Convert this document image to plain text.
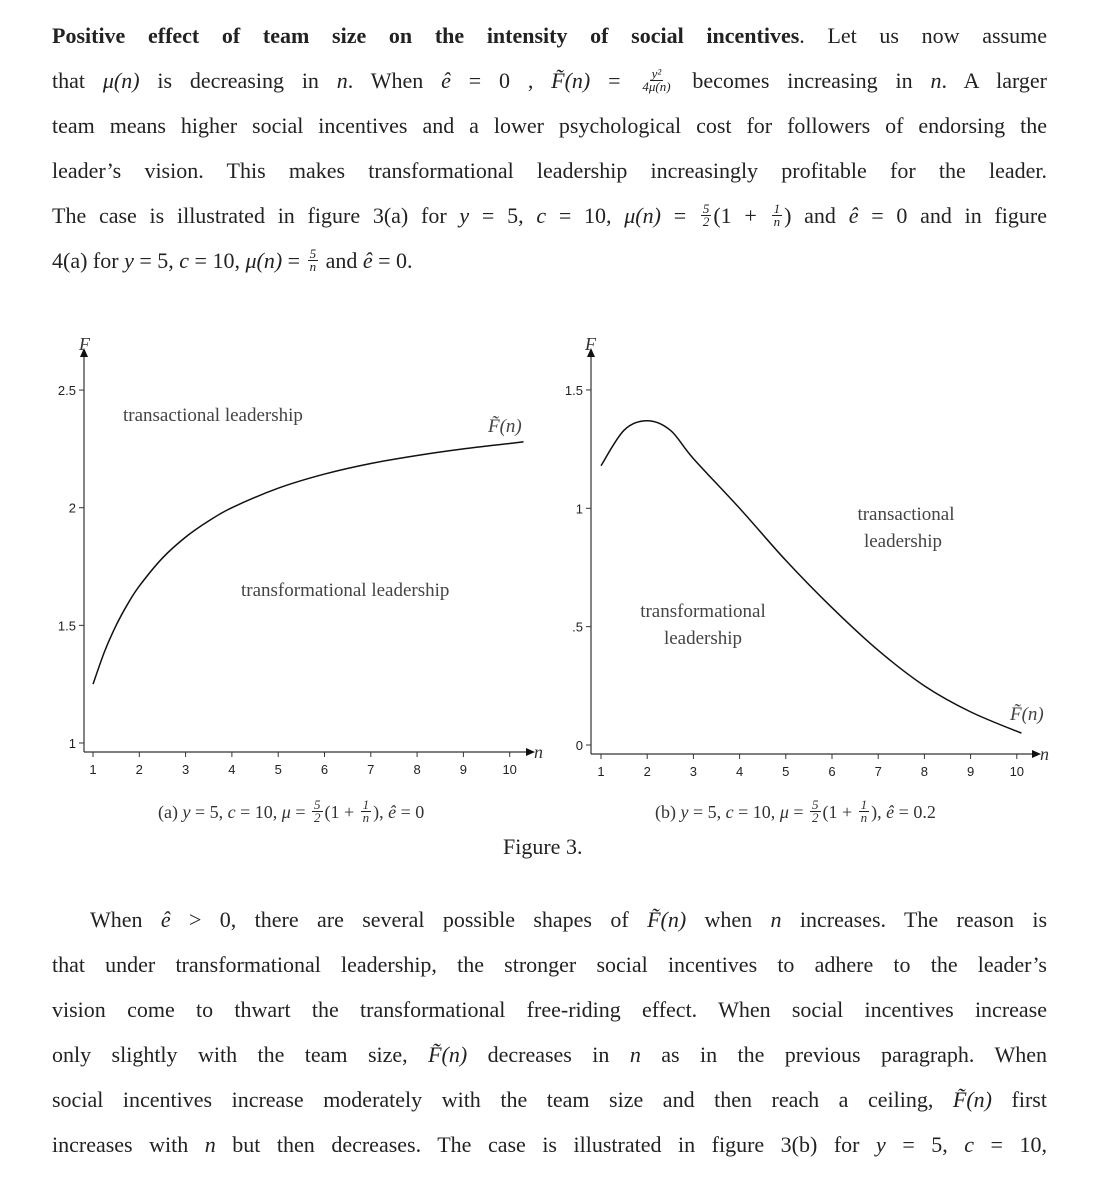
Positive effect of team size on the intensity of social incentives. Let us now assume
that μ(n) is decreasing in n. When ê = 0 , F̃(n) = $\frac{\text{y²}}{4\mu(n)}$ becomes increasing in n. A larger
team means higher social incentives and a lower psychological cost for followers of endorsing the
leader’s vision. This makes transformational leadership increasingly profitable for the leader.
The case is illustrated in figure 3(a) for y = 5, c = 10, $\mu(n) = \frac{5}{2} (1 + \frac{1}{n}$ ) and ê = 0 and in figure
4(a) for y = 5, c = 10, $\mu(n) = \frac{5}{n}$ and ê = 0.
When ê > 0, there are several possible shapes of F̃(n) when n increases. The reason is
that under transformational leadership, the stronger social incentives to adhere to the leader’s
vision come to thwart the transformational free-riding effect. When social incentives increase
only slightly with the team size, F̃(n) decreases in n as in the previous paragraph. When
social incentives increase moderately with the team size and then reach a ceiling, F̃(n) first
increases with n but then decreases. The case is illustrated in figure 3(b) for y = 5, c = 10,
F
n
1	2	3	4	5	6	7	8	9	10
1
1.5
2
2.5
F̃(n)
transactional leadership
transformational leadership
F
n
1	2	3	4	5	6	7	8	9	10
0
.5
1
1.5
F̃(n)
transactional
leadership
transformational
leadership
(a) y = 5, c = 10, $\mu = \frac{5}{2} (1 + \frac{1}{n}$ ), ê = 0	(b) y = 5, c = 10, $\mu = \frac{5}{2} (1 + \frac{1}{n}$ ), ê = 0.2
Figure 3.
